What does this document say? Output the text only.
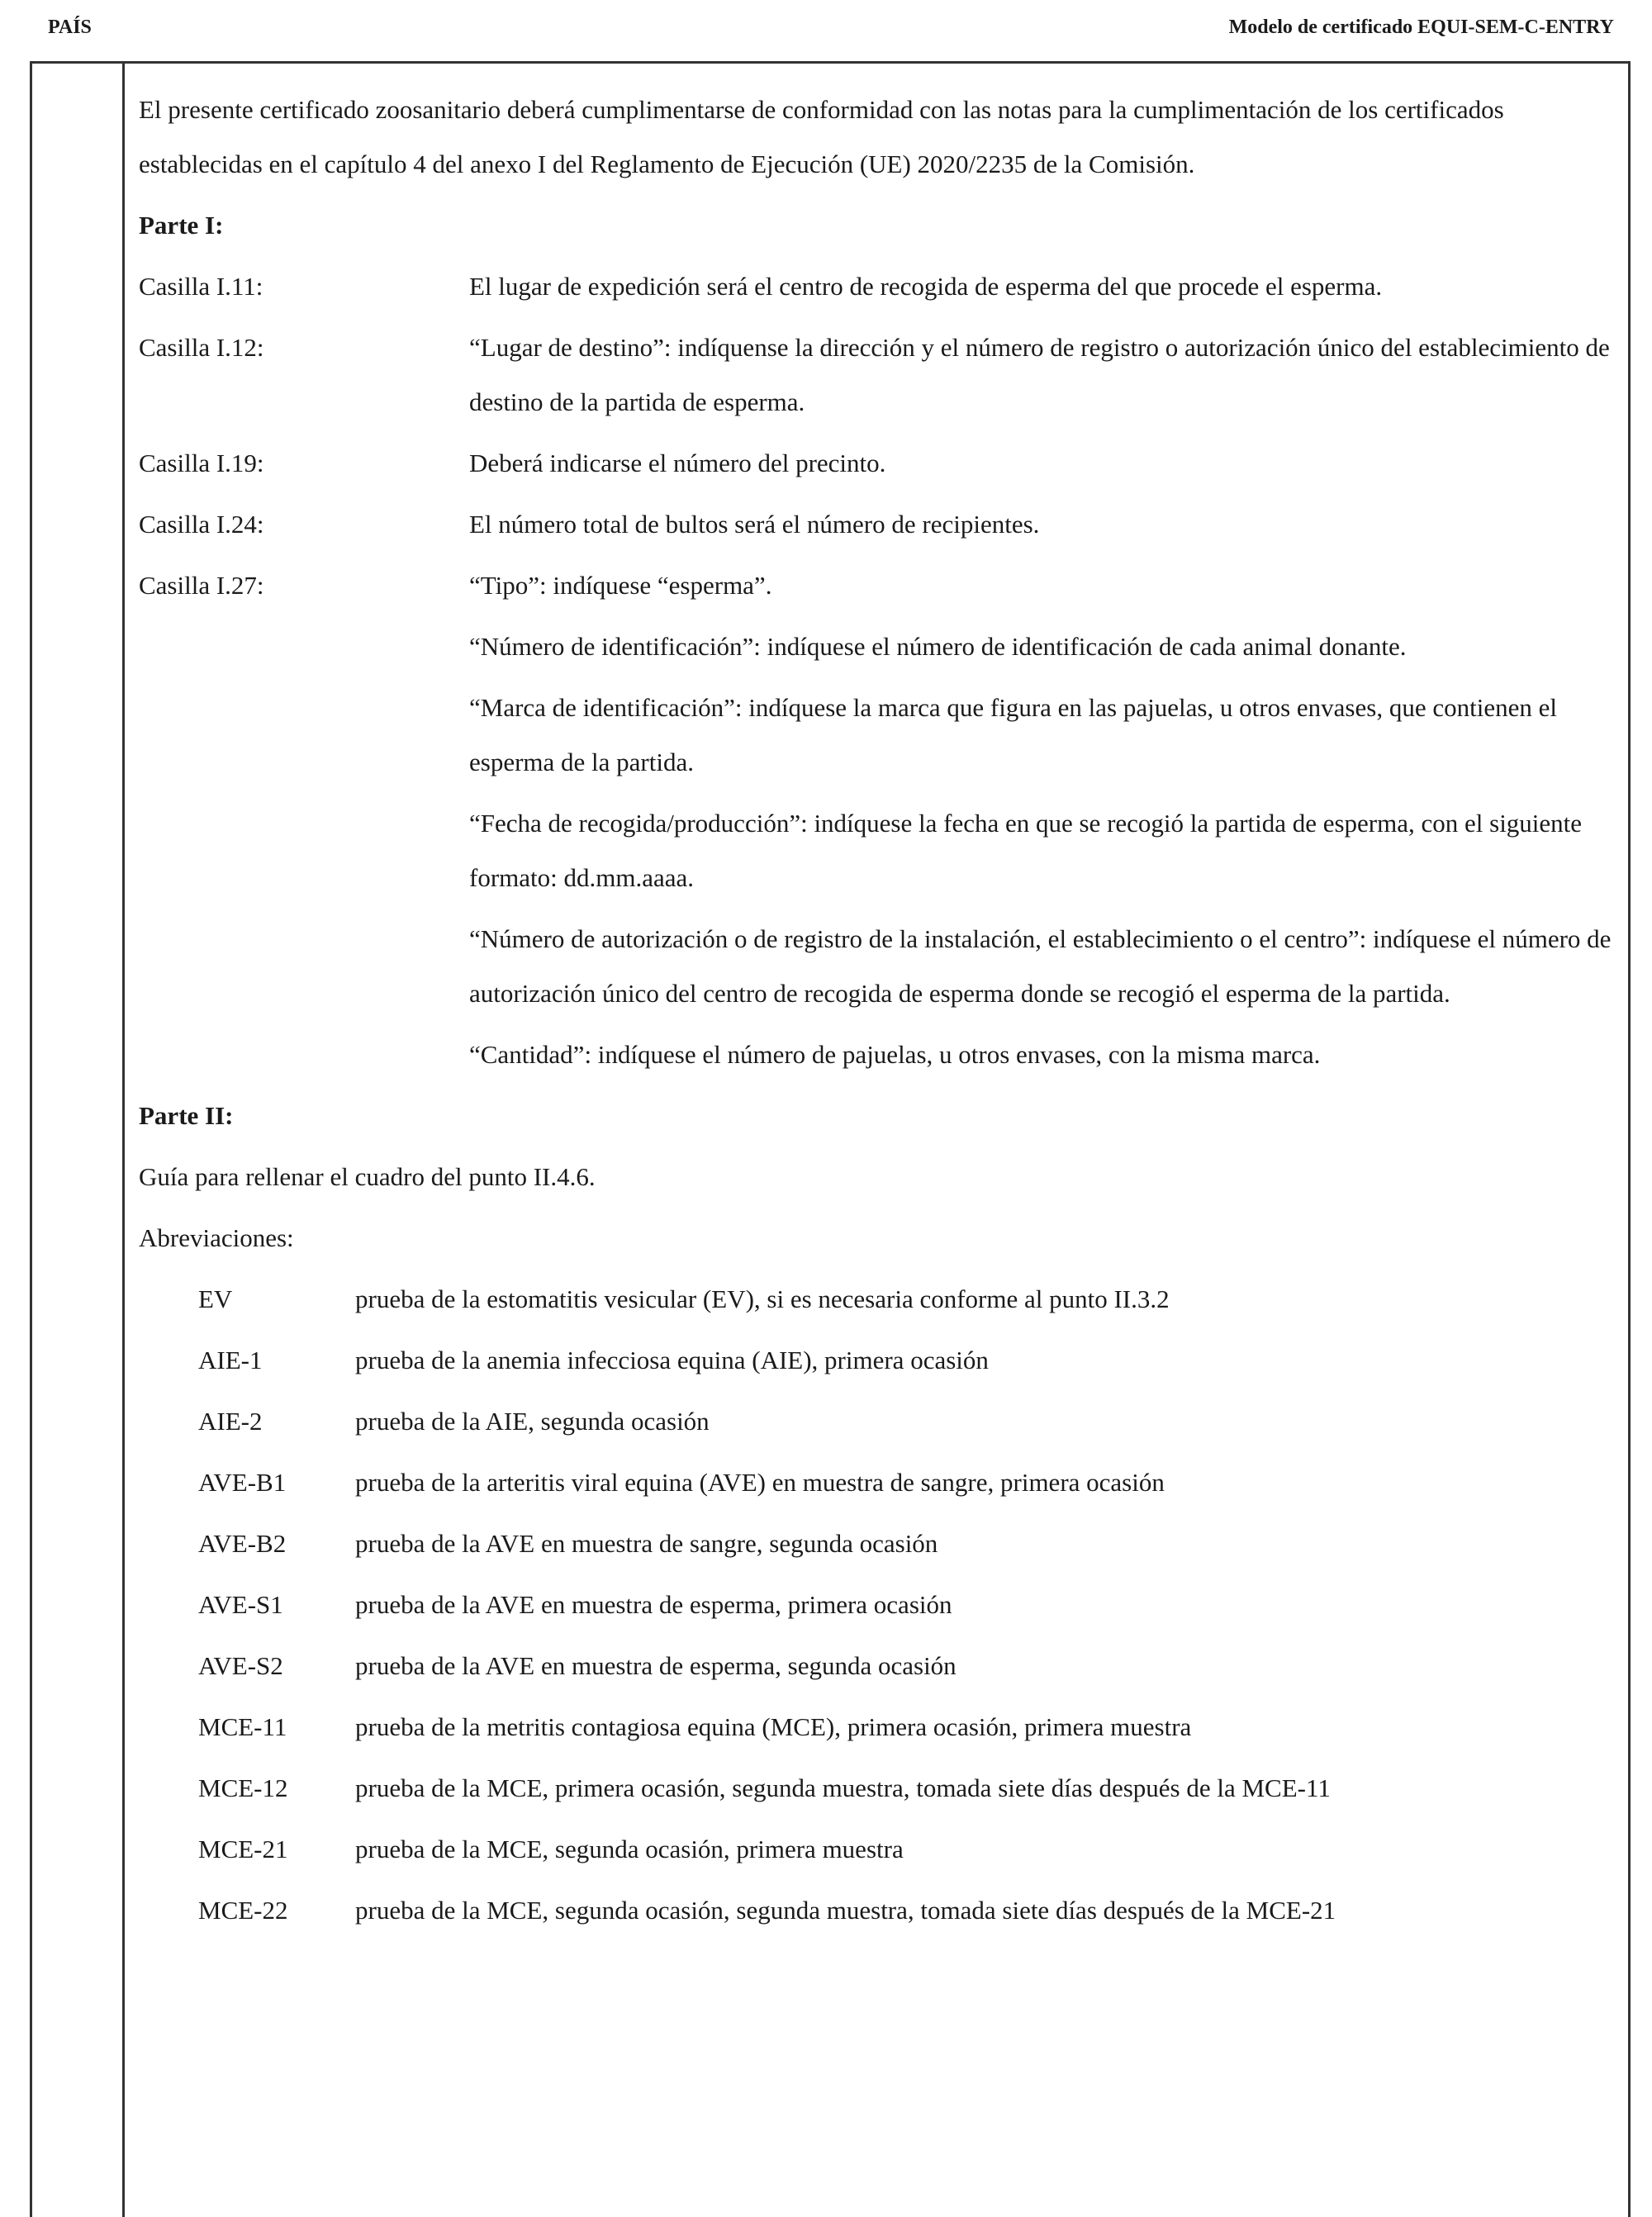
PAÍS	Modelo de certificado EQUI-SEM-C-ENTRY

El presente certificado zoosanitario deberá cumplimentarse de conformidad con las notas para la cumplimentación de los certificados establecidas en el capítulo 4 del anexo I del Reglamento de Ejecución (UE) 2020/2235 de la Comisión.

Parte I:
Casilla I.11:	El lugar de expedición será el centro de recogida de esperma del que procede el esperma.

Casilla I.12:	“Lugar de destino”: indíquense la dirección y el número de registro o autorización único del establecimiento de destino de la partida de esperma.

Casilla I.19:	Deberá indicarse el número del precinto.

Casilla I.24:	El número total de bultos será el número de recipientes.

Casilla I.27:	“Tipo”: indíquese “esperma”.

“Número de identificación”: indíquese el número de identificación de cada animal donante.

“Marca de identificación”: indíquese la marca que figura en las pajuelas, u otros envases, que contienen el esperma de la partida.

“Fecha de recogida/producción”: indíquese la fecha en que se recogió la partida de esperma, con el siguiente formato: dd.mm.aaaa.

“Número de autorización o de registro de la instalación, el establecimiento o el centro”: indíquese el número de autorización único del centro de recogida de esperma donde se recogió el esperma de la partida.

“Cantidad”: indíquese el número de pajuelas, u otros envases, con la misma marca.

Parte II:

Guía para rellenar el cuadro del punto II.4.6.

Abreviaciones:

EV	prueba de la estomatitis vesicular (EV), si es necesaria conforme al punto II.3.2
AIE-1	prueba de la anemia infecciosa equina (AIE), primera ocasión
AIE-2	prueba de la AIE, segunda ocasión
AVE-B1	prueba de la arteritis viral equina (AVE) en muestra de sangre, primera ocasión
AVE-B2	prueba de la AVE en muestra de sangre, segunda ocasión
AVE-S1	prueba de la AVE en muestra de esperma, primera ocasión
AVE-S2	prueba de la AVE en muestra de esperma, segunda ocasión
MCE-11	prueba de la metritis contagiosa equina (MCE), primera ocasión, primera muestra
MCE-12	prueba de la MCE, primera ocasión, segunda muestra, tomada siete días después de la MCE-11
MCE-21	prueba de la MCE, segunda ocasión, primera muestra
MCE-22	prueba de la MCE, segunda ocasión, segunda muestra, tomada siete días después de la MCE-21
